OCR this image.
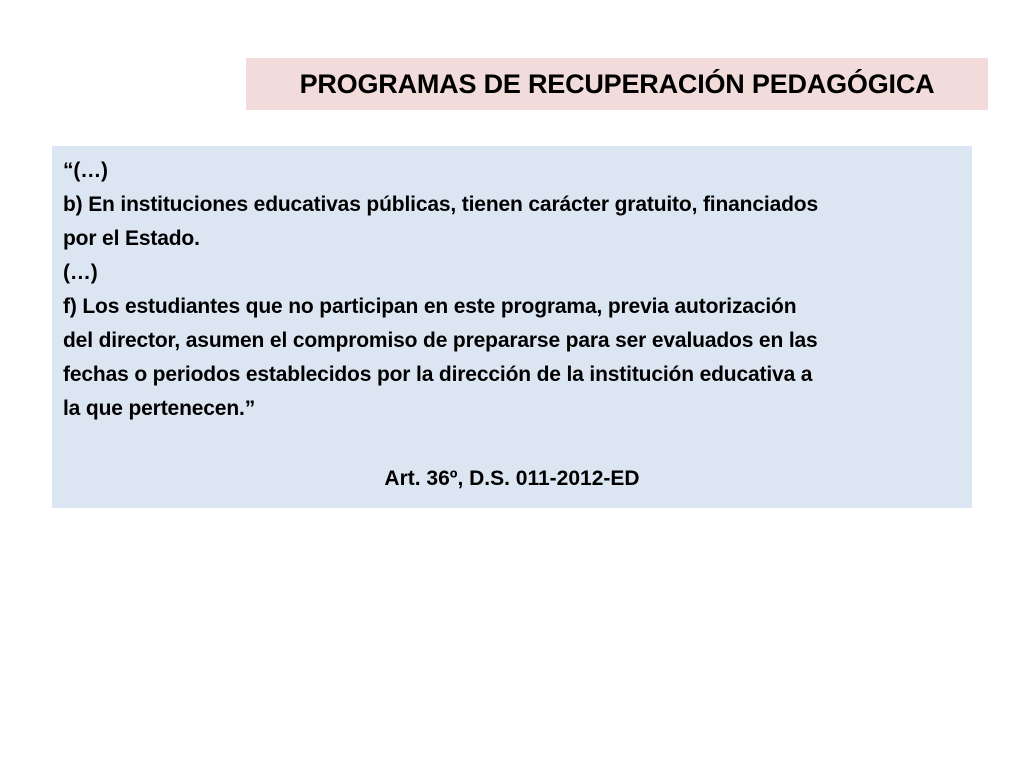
PROGRAMAS DE RECUPERACIÓN PEDAGÓGICA

“(…)

b) En instituciones educativas públicas, tienen carácter gratuito, financiados

por el Estado.

(…)

f) Los estudiantes que no participan en este programa, previa autorización

del director, asumen el compromiso de prepararse para ser evaluados en las

fechas o periodos establecidos por la dirección de la institución educativa a

la que pertenecen.”

Art. 36º, D.S. 011-2012-ED
